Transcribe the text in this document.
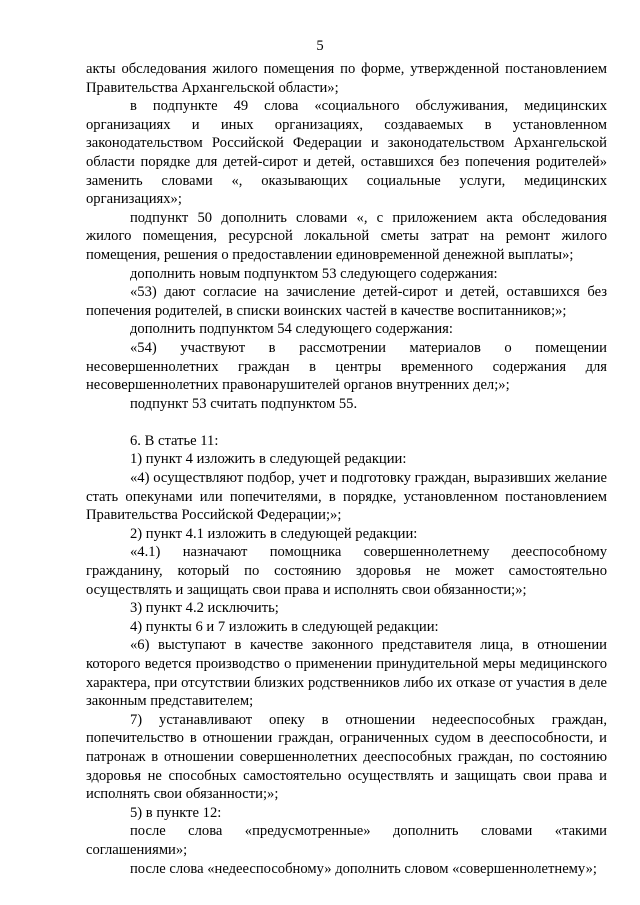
5

акты обследования жилого помещения по форме, утвержденной постановлением Правительства Архангельской области»;

в подпункте 49 слова «социального обслуживания, медицинских организациях и иных организациях, создаваемых в установленном законодательством Российской Федерации и законодательством Архангельской области порядке для детей-сирот и детей, оставшихся без попечения родителей» заменить словами «, оказывающих социальные услуги, медицинских организациях»;

подпункт 50 дополнить словами «, с приложением акта обследования жилого помещения, ресурсной локальной сметы затрат на ремонт жилого помещения, решения о предоставлении единовременной денежной выплаты»;

дополнить новым подпунктом 53 следующего содержания:

«53) дают согласие на зачисление детей-сирот и детей, оставшихся без попечения родителей, в списки воинских частей в качестве воспитанников;»;

дополнить подпунктом 54 следующего содержания:

«54) участвуют в рассмотрении материалов о помещении несовершеннолетних граждан в центры временного содержания для несовершеннолетних правонарушителей органов внутренних дел;»;

подпункт 53 считать подпунктом 55.

6. В статье 11:

1) пункт 4 изложить в следующей редакции:

«4) осуществляют подбор, учет и подготовку граждан, выразивших желание стать опекунами или попечителями, в порядке, установленном постановлением Правительства Российской Федерации;»;

2) пункт 4.1 изложить в следующей редакции:

«4.1) назначают помощника совершеннолетнему дееспособному гражданину, который по состоянию здоровья не может самостоятельно осуществлять и защищать свои права и исполнять свои обязанности;»;

3) пункт 4.2 исключить;

4) пункты 6 и 7 изложить в следующей редакции:

«6) выступают в качестве законного представителя лица, в отношении которого ведется производство о применении принудительной меры медицинского характера, при отсутствии близких родственников либо их отказе от участия в деле законным представителем;

7) устанавливают опеку в отношении недееспособных граждан, попечительство в отношении граждан, ограниченных судом в дееспособности, и патронаж в отношении совершеннолетних дееспособных граждан, по состоянию здоровья не способных самостоятельно осуществлять и защищать свои права и исполнять свои обязанности;»;

5) в пункте 12:

после слова «предусмотренные» дополнить словами «такими соглашениями»;

после слова «недееспособному» дополнить словом «совершеннолетнему»;
